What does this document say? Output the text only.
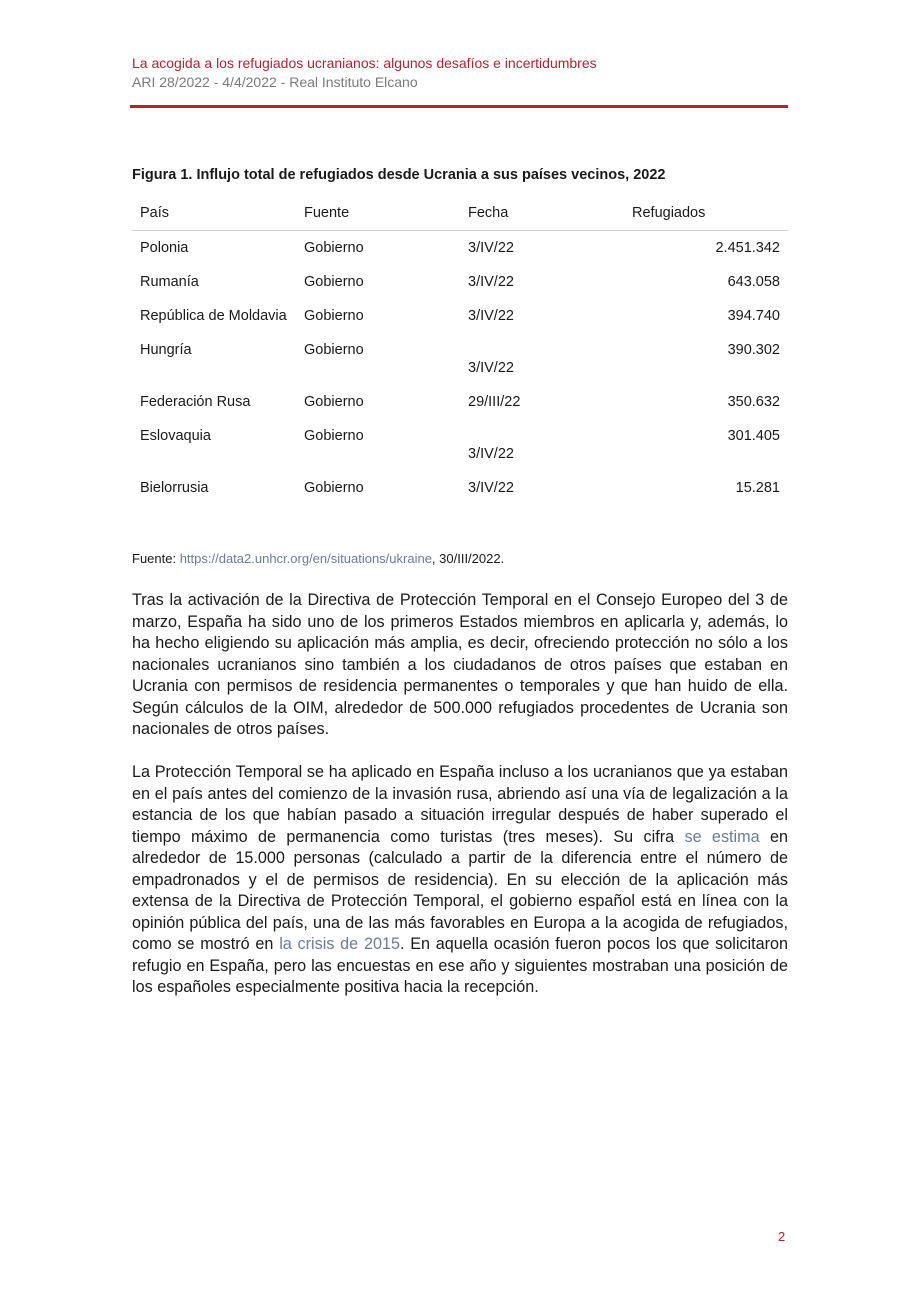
La acogida a los refugiados ucranianos: algunos desafíos e incertidumbres
ARI 28/2022 - 4/4/2022 - Real Instituto Elcano
Figura 1. Influjo total de refugiados desde Ucrania a sus países vecinos, 2022
País	Fuente	Fecha	Refugiados
Polonia	Gobierno	3/IV/22	2.451.342
Rumanía	Gobierno	3/IV/22	643.058
República de Moldavia	Gobierno	3/IV/22	394.740
Hungría	Gobierno	3/IV/22	390.302
Federación Rusa	Gobierno	29/III/22	350.632
Eslovaquia	Gobierno	3/IV/22	301.405
Bielorrusia	Gobierno	3/IV/22	15.281
Fuente: https://data2.unhcr.org/en/situations/ukraine, 30/III/2022.

Tras la activación de la Directiva de Protección Temporal en el Consejo Europeo del 3 de marzo, España ha sido uno de los primeros Estados miembros en aplicarla y, además, lo ha hecho eligiendo su aplicación más amplia, es decir, ofreciendo protección no sólo a los nacionales ucranianos sino también a los ciudadanos de otros países que estaban en Ucrania con permisos de residencia permanentes o temporales y que han huido de ella. Según cálculos de la OIM, alrededor de 500.000 refugiados procedentes de Ucrania son nacionales de otros países.

La Protección Temporal se ha aplicado en España incluso a los ucranianos que ya estaban en el país antes del comienzo de la invasión rusa, abriendo así una vía de legalización a la estancia de los que habían pasado a situación irregular después de haber superado el tiempo máximo de permanencia como turistas (tres meses). Su cifra se estima en alrededor de 15.000 personas (calculado a partir de la diferencia entre el número de empadronados y el de permisos de residencia). En su elección de la aplicación más extensa de la Directiva de Protección Temporal, el gobierno español está en línea con la opinión pública del país, una de las más favorables en Europa a la acogida de refugiados, como se mostró en la crisis de 2015. En aquella ocasión fueron pocos los que solicitaron refugio en España, pero las encuestas en ese año y siguientes mostraban una posición de los españoles especialmente positiva hacia la recepción.

2
